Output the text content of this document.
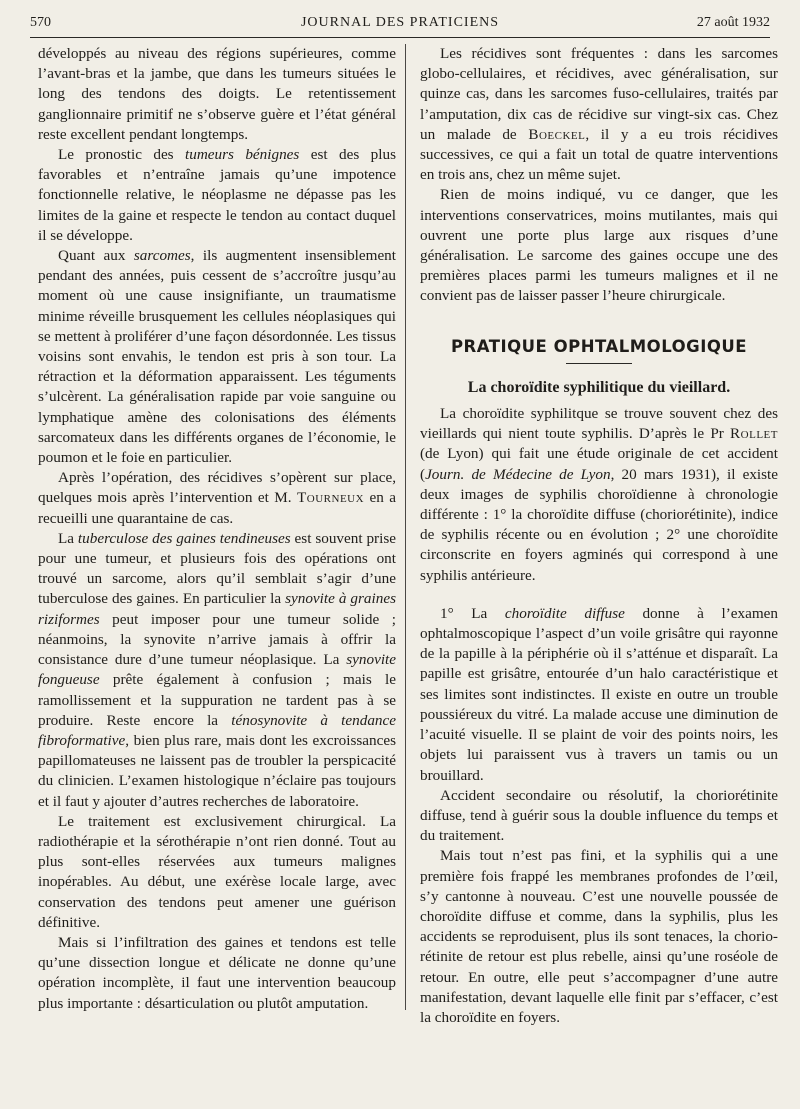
570	JOURNAL DES PRATICIENS	27 août 1932

développés au niveau des régions supérieures, comme l’avant-bras et la jambe, que dans les tumeurs situées le long des tendons des doigts. Le retentissement ganglionnaire primitif ne s’observe guère et l’état général reste excellent pendant longtemps.

Le pronostic des tumeurs bénignes est des plus favorables et n’entraîne jamais qu’une impotence fonctionnelle relative, le néoplasme ne dépasse pas les limites de la gaine et respecte le tendon au contact duquel il se développe.

Quant aux sarcomes, ils augmentent insensiblement pendant des années, puis cessent de s’accroître jusqu’au moment où une cause insignifiante, un traumatisme minime réveille brusquement les cellules néoplasiques qui se mettent à proliférer d’une façon désordonnée. Les tissus voisins sont envahis, le tendon est pris à son tour. La rétraction et la déformation apparaissent. Les téguments s’ulcèrent. La généralisation rapide par voie sanguine ou lymphatique amène des colonisations des éléments sarcomateux dans les différents organes de l’économie, le poumon et le foie en particulier.

Après l’opération, des récidives s’opèrent sur place, quelques mois après l’intervention et M. Tourneux en a recueilli une quarantaine de cas.

La tuberculose des gaines tendineuses est souvent prise pour une tumeur, et plusieurs fois des opérations ont trouvé un sarcome, alors qu’il semblait s’agir d’une tuberculose des gaines. En particulier la synovite à graines riziformes peut imposer pour une tumeur solide ; néanmoins, la synovite n’arrive jamais à offrir la consistance dure d’une tumeur néoplasique. La synovite fongueuse prête également à confusion ; mais le ramollissement et la suppuration ne tardent pas à se produire. Reste encore la ténosynovite à tendance fibroformative, bien plus rare, mais dont les excroissances papillomateuses ne laissent pas de troubler la perspicacité du clinicien. L’examen histologique n’éclaire pas toujours et il faut y ajouter d’autres recherches de laboratoire.

Le traitement est exclusivement chirurgical. La radiothérapie et la sérothérapie n’ont rien donné. Tout au plus sont-elles réservées aux tumeurs malignes inopérables. Au début, une exérèse locale large, avec conservation des tendons peut amener une guérison définitive.

Mais si l’infiltration des gaines et tendons est telle qu’une dissection longue et délicate ne donne qu’une opération incomplète, il faut une intervention beaucoup plus importante : désarticulation ou plutôt amputation.

Les récidives sont fréquentes : dans les sarcomes globo-cellulaires, et récidives, avec généralisation, sur quinze cas, dans les sarcomes fuso-cellulaires, traités par l’amputation, dix cas de récidive sur vingt-six cas. Chez un malade de Boeckel, il y a eu trois récidives successives, ce qui a fait un total de quatre interventions en trois ans, chez un même sujet.

Rien de moins indiqué, vu ce danger, que les interventions conservatrices, moins mutilantes, mais qui ouvrent une porte plus large aux risques d’une généralisation. Le sarcome des gaines occupe une des premières places parmi les tumeurs malignes et il ne convient pas de laisser passer l’heure chirurgicale.

PRATIQUE OPHTALMOLOGIQUE

La choroïdite syphilitique du vieillard.

La choroïdite syphilitque se trouve souvent chez des vieillards qui nient toute syphilis. D’après le Pr Rollet (de Lyon) qui fait une étude originale de cet accident (Journ. de Médecine de Lyon, 20 mars 1931), il existe deux images de syphilis choroïdienne à chronologie différente : 1° la choroïdite diffuse (choriorétinite), indice de syphilis récente ou en évolution ; 2° une choroïdite circonscrite en foyers agminés qui correspond à une syphilis antérieure.

1° La choroïdite diffuse donne à l’examen ophtalmoscopique l’aspect d’un voile grisâtre qui rayonne de la papille à la périphérie où il s’atténue et disparaît. La papille est grisâtre, entourée d’un halo caractéristique et ses limites sont indistinctes. Il existe en outre un trouble poussiéreux du vitré. La malade accuse une diminution de l’acuité visuelle. Il se plaint de voir des points noirs, les objets lui paraissent vus à travers un tamis ou un brouillard.

Accident secondaire ou résolutif, la choriorétinite diffuse, tend à guérir sous la double influence du temps et du traitement.

Mais tout n’est pas fini, et la syphilis qui a une première fois frappé les membranes profondes de l’œil, s’y cantonne à nouveau. C’est une nouvelle poussée de choroïdite diffuse et comme, dans la syphilis, plus les accidents se reproduisent, plus ils sont tenaces, la chorio-rétinite de retour est plus rebelle, ainsi qu’une roséole de retour. En outre, elle peut s’accompagner d’une autre manifestation, devant laquelle elle finit par s’effacer, c’est la choroïdite en foyers.
